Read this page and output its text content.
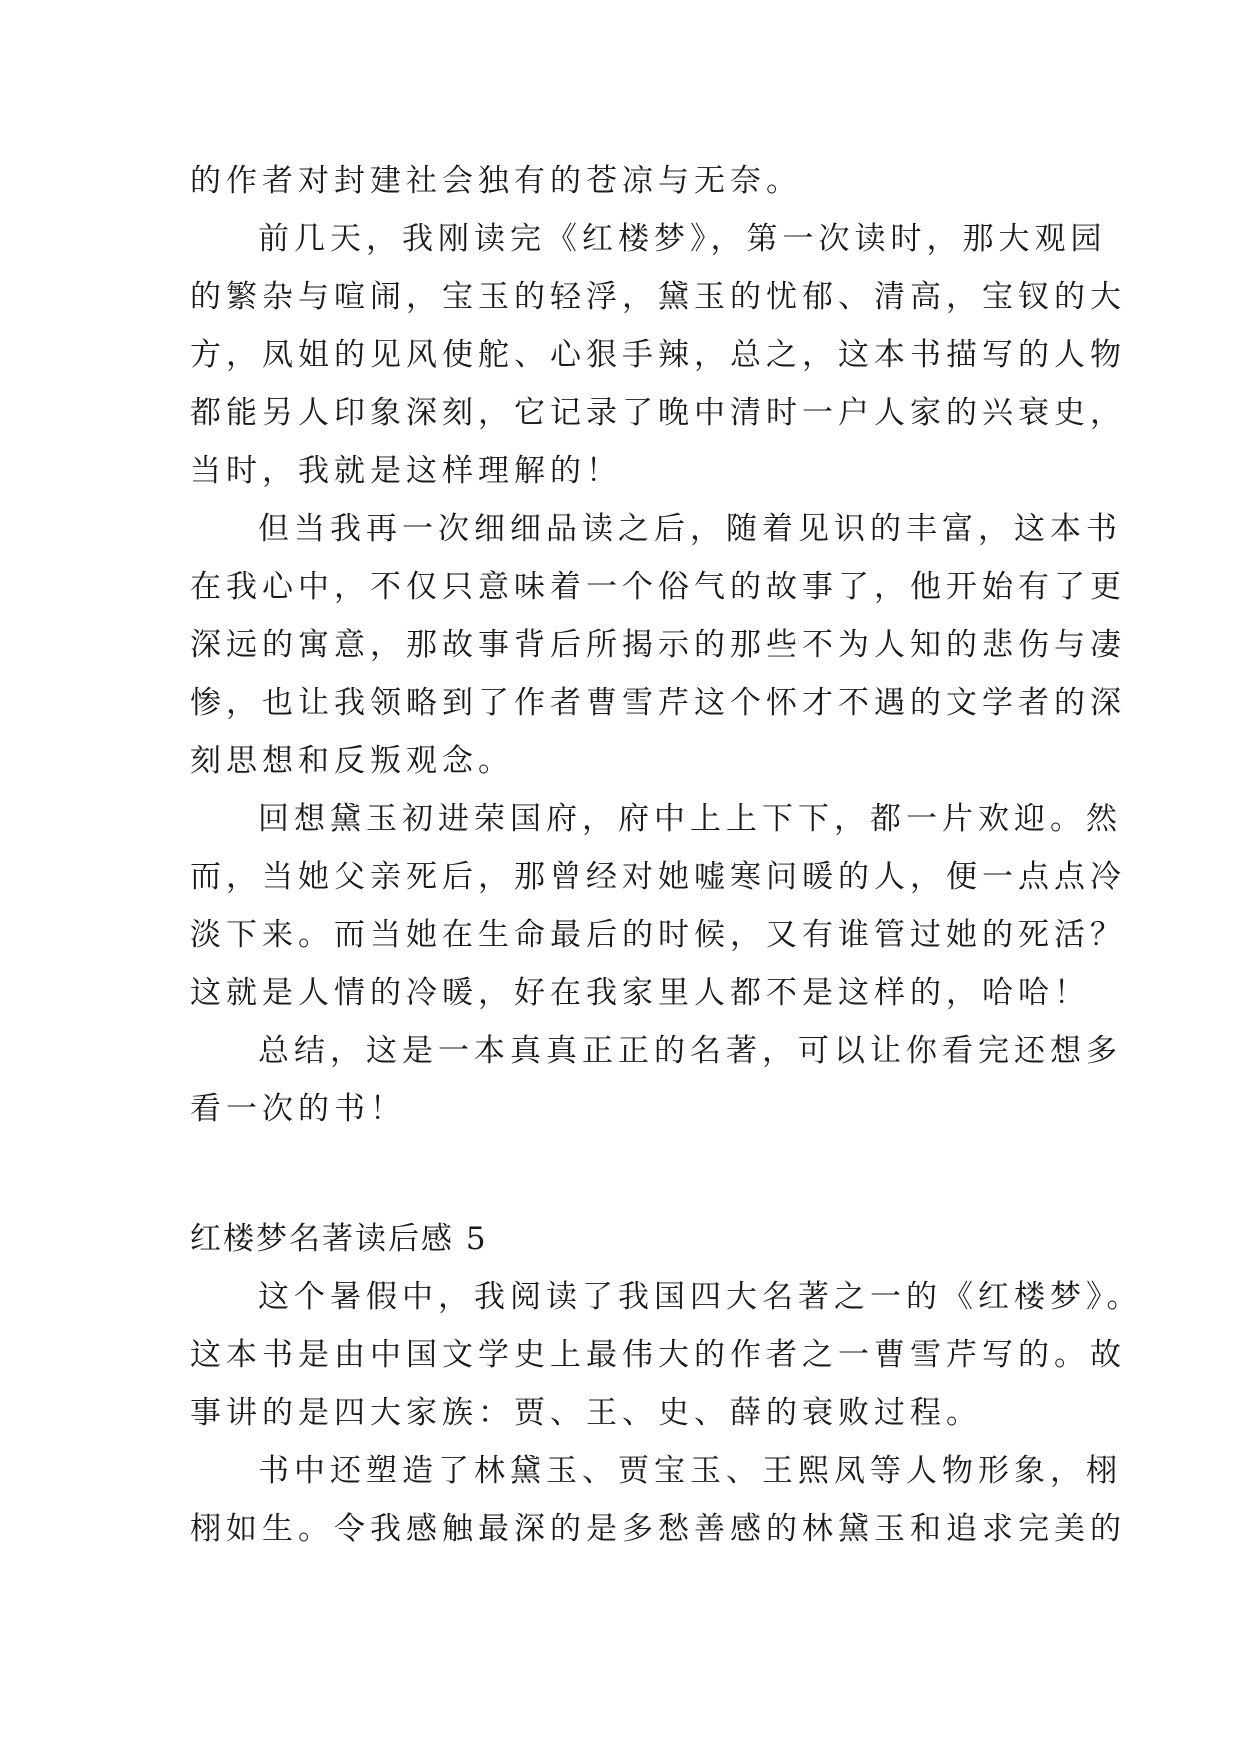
的作者对封建社会独有的苍凉与无奈。
前几天，我刚读完《红楼梦》，第一次读时，那大观园
的繁杂与喧闹，宝玉的轻浮，黛玉的忧郁、清高，宝钗的大
方，凤姐的见风使舵、心狠手辣，总之，这本书描写的人物
都能另人印象深刻，它记录了晚中清时一户人家的兴衰史，
当时，我就是这样理解的！
但当我再一次细细品读之后，随着见识的丰富，这本书
在我心中，不仅只意味着一个俗气的故事了，他开始有了更
深远的寓意，那故事背后所揭示的那些不为人知的悲伤与凄
惨，也让我领略到了作者曹雪芹这个怀才不遇的文学者的深
刻思想和反叛观念。
回想黛玉初进荣国府，府中上上下下，都一片欢迎。然
而，当她父亲死后，那曾经对她嘘寒问暖的人，便一点点冷
淡下来。而当她在生命最后的时候，又有谁管过她的死活？
这就是人情的冷暖，好在我家里人都不是这样的，哈哈！
总结，这是一本真真正正的名著，可以让你看完还想多
看一次的书！
红楼梦名著读后感 5
这个暑假中，我阅读了我国四大名著之一的《红楼梦》。
这本书是由中国文学史上最伟大的作者之一曹雪芹写的。故
事讲的是四大家族：贾、王、史、薛的衰败过程。
书中还塑造了林黛玉、贾宝玉、王熙凤等人物形象，栩
栩如生。令我感触最深的是多愁善感的林黛玉和追求完美的
